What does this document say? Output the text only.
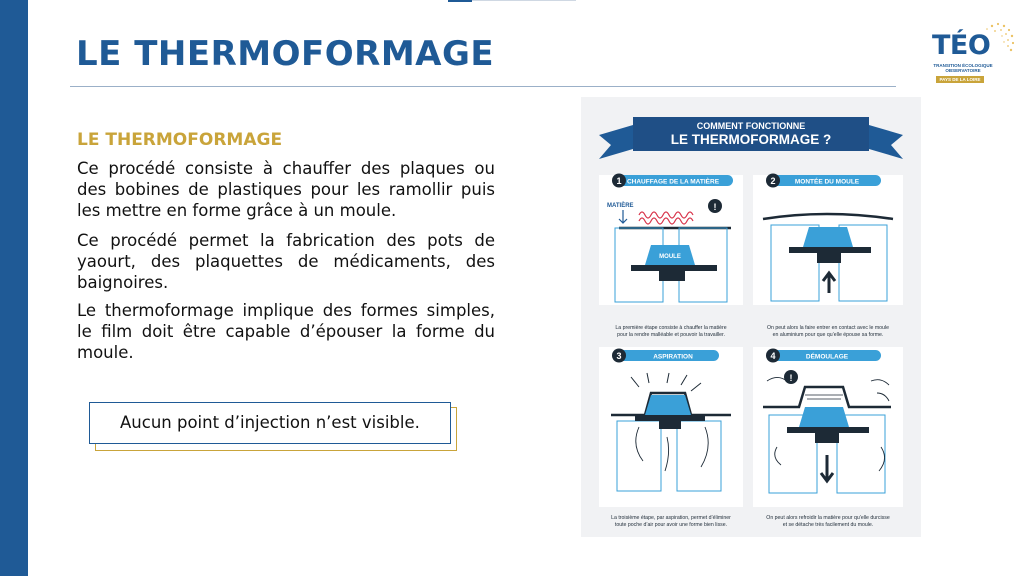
LE THERMOFORMAGE	TÉO
TRANSITION ÉCOLOGIQUE
OBSERVATOIRE
PAYS DE LA LOIRE
LE THERMOFORMAGE

Ce procédé consiste à chauffer des plaques ou des bobines de plastiques pour les ramollir puis les mettre en forme grâce à un moule.

Ce procédé permet la fabrication des pots de yaourt, des plaquettes de médicaments, des baignoires.

Le thermoformage implique des formes simples, le film doit être capable d’épouser la forme du moule.

Aucun point d’injection n’est visible.
COMMENT FONCTIONNE
LE THERMOFORMAGE ?
1 CHAUFFAGE DE LA MATIÈRE	2	MONTÉE DU MOULE
3	ASPIRATION	4	DÉMOULAGE
MATIÈRE	!
MOULE
La première étape consiste à chauffer la matière
pour la rendre malléable et pouvoir la travailler.
On peut alors la faire entrer en contact avec le moule
en aluminium pour que qu’elle épouse sa forme.
!
La troisième étape, par aspiration, permet d’éliminer
toute poche d’air pour avoir une forme bien lisse.
On peut alors refroidir la matière pour qu’elle durcisse
et se détache très facilement du moule.
